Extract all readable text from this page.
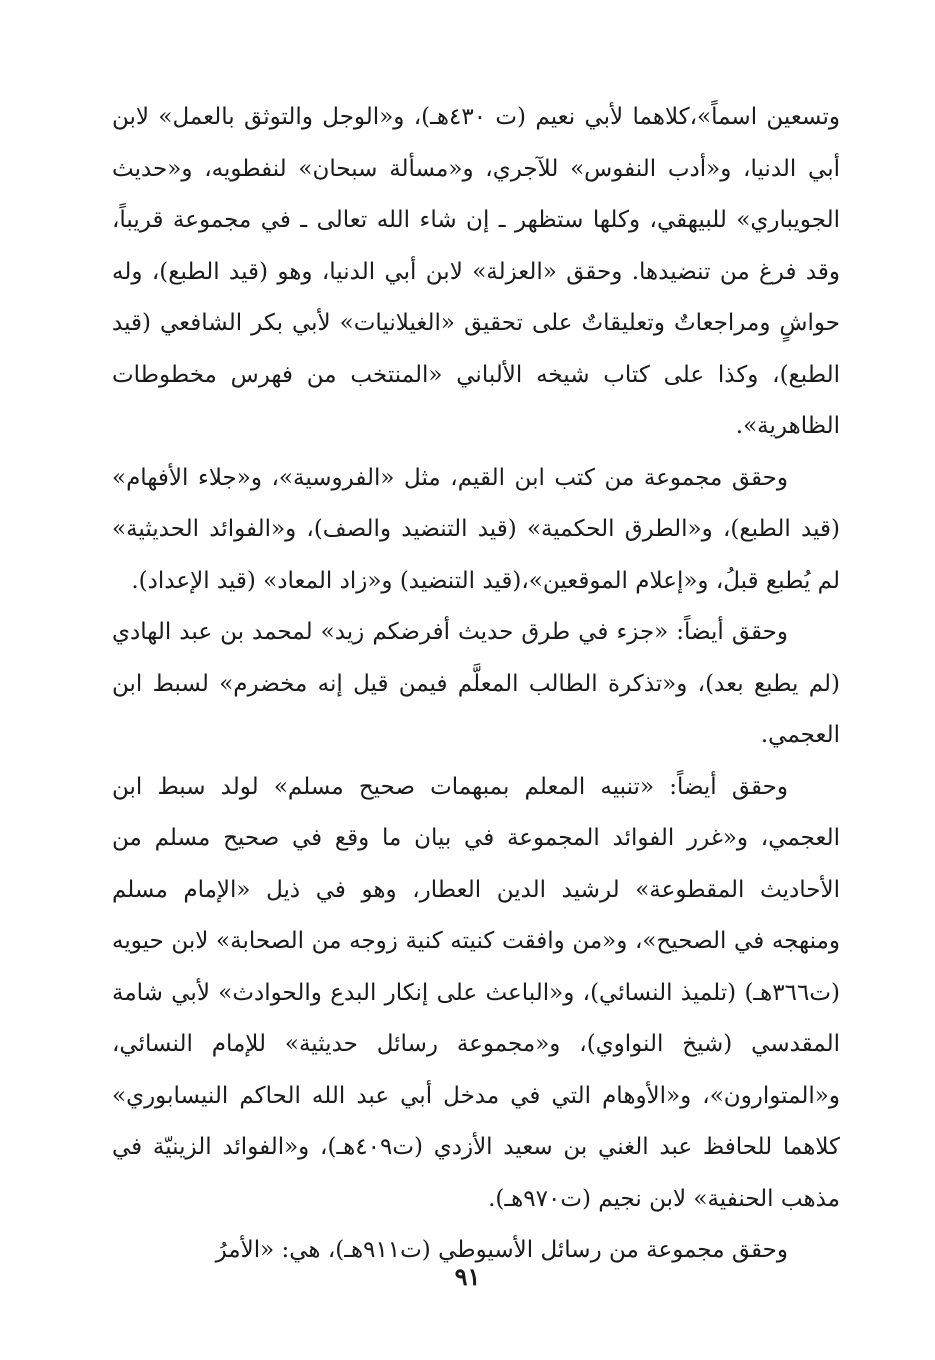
وتسعين اسماً»،كلاهما لأبي نعيم (ت ٤٣٠هـ)، و«الوجل والتوثق بالعمل» لابن أبي الدنيا، و«أدب النفوس» للآجري، و«مسألة سبحان» لنفطويه، و«حديث الجويباري» للبيهقي، وكلها ستظهر ـ إن شاء الله تعالى ـ في مجموعة قريباً، وقد فرغ من تنضيدها. وحقق «العزلة» لابن أبي الدنيا، وهو (قيد الطبع)، وله حواشٍ ومراجعاتٌ وتعليقاتٌ على تحقيق «الغيلانيات» لأبي بكر الشافعي (قيد الطبع)، وكذا على كتاب شيخه الألباني «المنتخب من فهرس مخطوطات الظاهرية».

وحقق مجموعة من كتب ابن القيم، مثل «الفروسية»، و«جلاء الأفهام» (قيد الطبع)، و«الطرق الحكمية» (قيد التنضيد والصف)، و«الفوائد الحديثية» لم يُطبع قبلُ، و«إعلام الموقعين»،(قيد التنضيد) و«زاد المعاد» (قيد الإعداد).

وحقق أيضاً: «جزء في طرق حديث أفرضكم زيد» لمحمد بن عبد الهادي (لم يطبع بعد)، و«تذكرة الطالب المعلَّم فيمن قيل إنه مخضرم» لسبط ابن العجمي.

وحقق أيضاً: «تنبيه المعلم بمبهمات صحيح مسلم» لولد سبط ابن العجمي، و«غرر الفوائد المجموعة في بيان ما وقع في صحيح مسلم من الأحاديث المقطوعة» لرشيد الدين العطار، وهو في ذيل «الإمام مسلم ومنهجه في الصحيح»، و«من وافقت كنيته كنية زوجه من الصحابة» لابن حيويه (ت٣٦٦هـ) (تلميذ النسائي)، و«الباعث على إنكار البدع والحوادث» لأبي شامة المقدسي (شيخ النواوي)، و«مجموعة رسائل حديثية» للإمام النسائي، و«المتوارون»، و«الأوهام التي في مدخل أبي عبد الله الحاكم النيسابوري» كلاهما للحافظ عبد الغني بن سعيد الأزدي (ت٤٠٩هـ)، و«الفوائد الزينيّة في مذهب الحنفية» لابن نجيم (ت٩٧٠هـ).

وحقق مجموعة من رسائل الأسيوطي (ت٩١١هـ)، هي: «الأمرُ

٩١
